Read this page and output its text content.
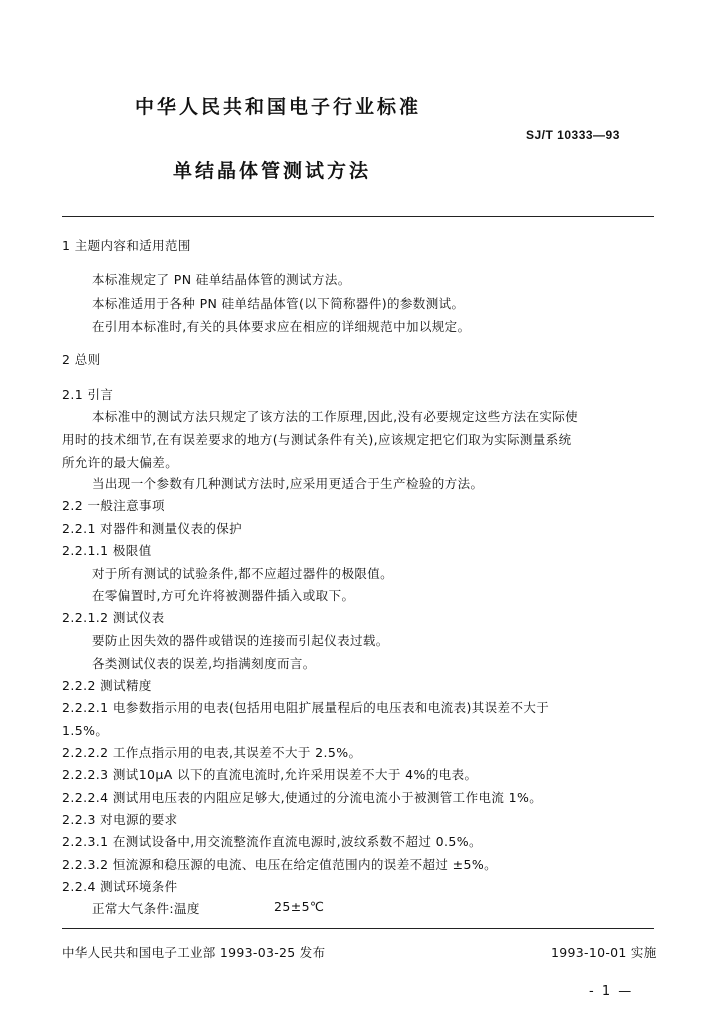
中华人民共和国电子行业标准
SJ/T 10333—93
单结晶体管测试方法
1 主题内容和适用范围
本标准规定了 PN 硅单结晶体管的测试方法。
本标准适用于各种 PN 硅单结晶体管(以下简称器件)的参数测试。
在引用本标准时,有关的具体要求应在相应的详细规范中加以规定。
2 总则
2.1 引言
本标准中的测试方法只规定了该方法的工作原理,因此,没有必要规定这些方法在实际使
用时的技术细节,在有误差要求的地方(与测试条件有关),应该规定把它们取为实际测量系统
所允许的最大偏差。
当出现一个参数有几种测试方法时,应采用更适合于生产检验的方法。
2.2 一般注意事项
2.2.1 对器件和测量仪表的保护
2.2.1.1 极限值
对于所有测试的试验条件,都不应超过器件的极限值。
在零偏置时,方可允许将被测器件插入或取下。
2.2.1.2 测试仪表
要防止因失效的器件或错误的连接而引起仪表过载。
各类测试仪表的误差,均指满刻度而言。
2.2.2 测试精度
2.2.2.1 电参数指示用的电表(包括用电阻扩展量程后的电压表和电流表)其误差不大于
1.5%。
2.2.2.2 工作点指示用的电表,其误差不大于 2.5%。
2.2.2.3 测试10μA 以下的直流电流时,允许采用误差不大于 4%的电表。
2.2.2.4 测试用电压表的内阻应足够大,使通过的分流电流小于被测管工作电流 1%。
2.2.3 对电源的要求
2.2.3.1 在测试设备中,用交流整流作直流电源时,波纹系数不超过 0.5%。
2.2.3.2 恒流源和稳压源的电流、电压在给定值范围内的误差不超过 ±5%。
2.2.4 测试环境条件
正常大气条件:温度	25±5℃
中华人民共和国电子工业部 1993-03-25 发布	1993-10-01 实施
- 1 —
